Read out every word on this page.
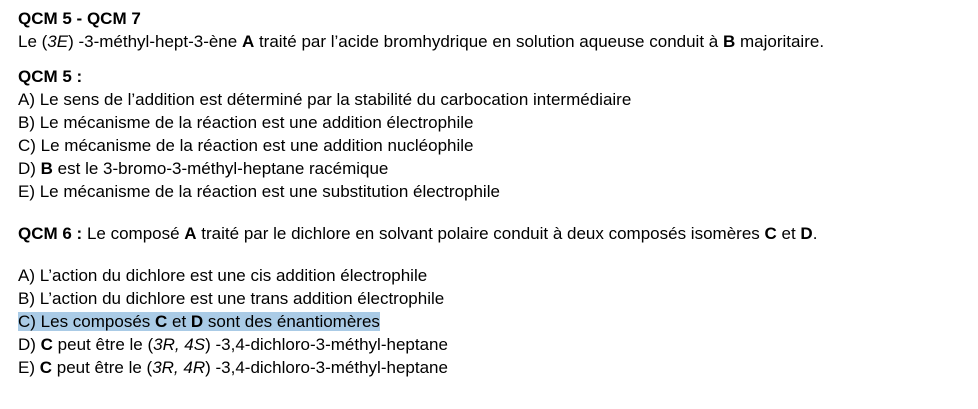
QCM 5 - QCM 7
Le (3E) -3-méthyl-hept-3-ène A traité par l’acide bromhydrique en solution aqueuse conduit à B majoritaire.
QCM 5 :
A) Le sens de l’addition est déterminé par la stabilité du carbocation intermédiaire
B) Le mécanisme de la réaction est une addition électrophile
C) Le mécanisme de la réaction est une addition nucléophile
D) B est le 3-bromo-3-méthyl-heptane racémique
E) Le mécanisme de la réaction est une substitution électrophile
QCM 6 : Le composé A traité par le dichlore en solvant polaire conduit à deux composés isomères C et D.
A) L’action du dichlore est une cis addition électrophile
B) L’action du dichlore est une trans addition électrophile
C) Les composés C et D sont des énantiomères
D) C peut être le (3R, 4S) -3,4-dichloro-3-méthyl-heptane
E) C peut être le (3R, 4R) -3,4-dichloro-3-méthyl-heptane
